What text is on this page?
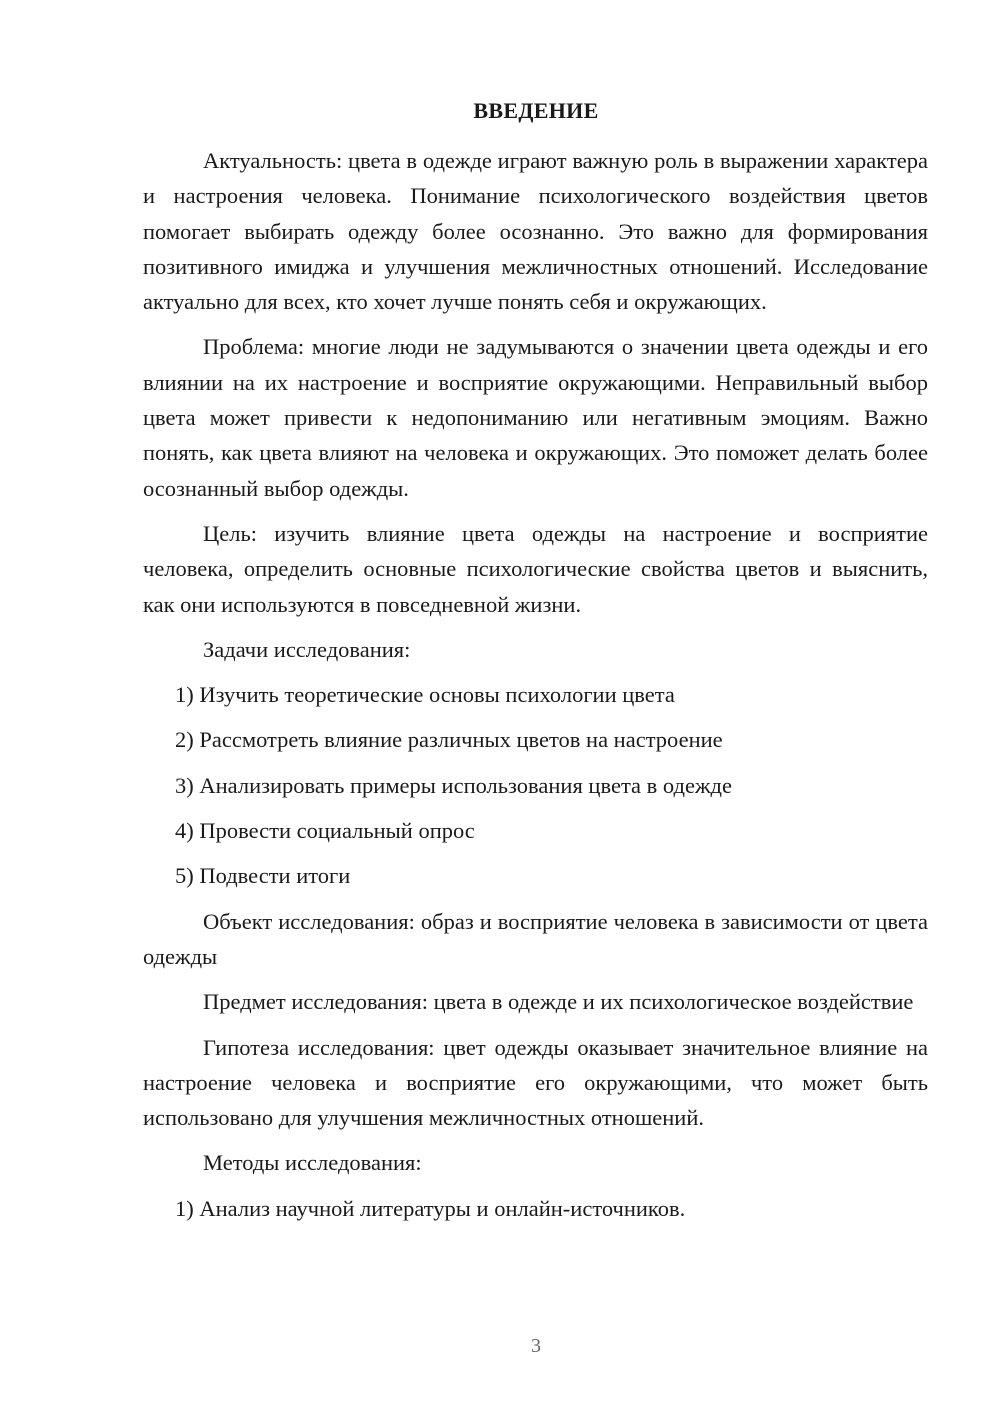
ВВЕДЕНИЕ

Актуальность: цвета в одежде играют важную роль в выражении характера и настроения человека. Понимание психологического воздействия цветов помогает выбирать одежду более осознанно. Это важно для формирования позитивного имиджа и улучшения межличностных отношений. Исследование актуально для всех, кто хочет лучше понять себя и окружающих.

Проблема: многие люди не задумываются о значении цвета одежды и его влиянии на их настроение и восприятие окружающими. Неправильный выбор цвета может привести к недопониманию или негативным эмоциям. Важно понять, как цвета влияют на человека и окружающих. Это поможет делать более осознанный выбор одежды.

Цель: изучить влияние цвета одежды на настроение и восприятие человека, определить основные психологические свойства цветов и выяснить, как они используются в повседневной жизни.

Задачи исследования:

1) Изучить теоретические основы психологии цвета

2) Рассмотреть влияние различных цветов на настроение

3) Анализировать примеры использования цвета в одежде

4) Провести социальный опрос

5) Подвести итоги

Объект исследования: образ и восприятие человека в зависимости от цвета одежды

Предмет исследования: цвета в одежде и их психологическое воздействие

Гипотеза исследования: цвет одежды оказывает значительное влияние на настроение человека и восприятие его окружающими, что может быть использовано для улучшения межличностных отношений.

Методы исследования:

1) Анализ научной литературы и онлайн-источников.

3
